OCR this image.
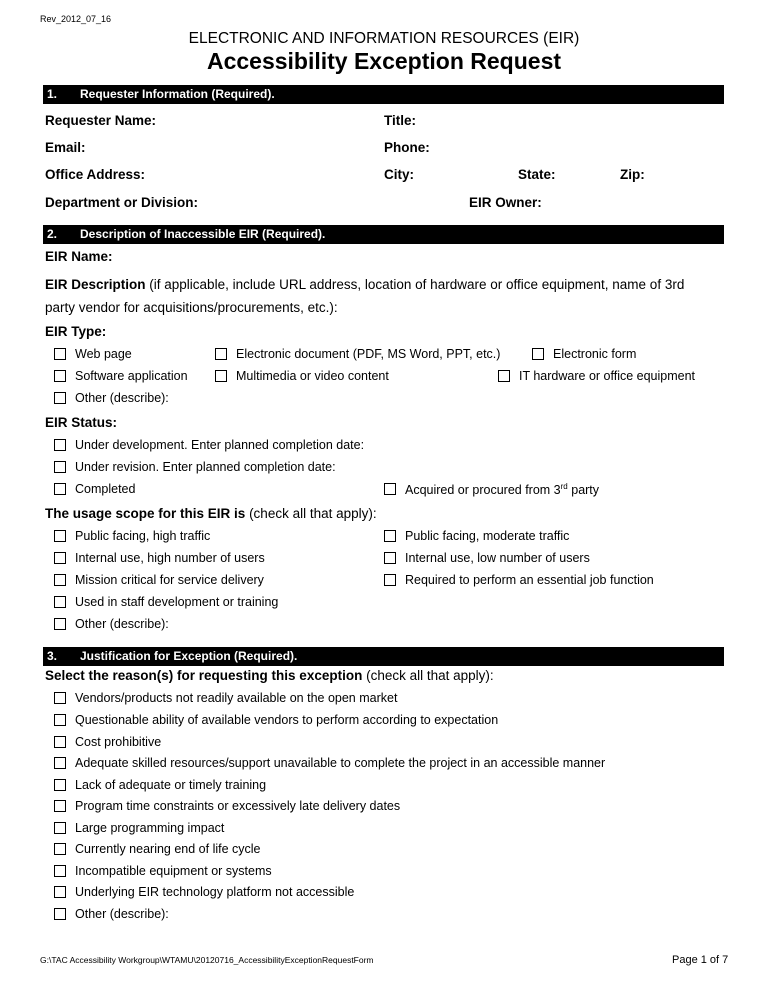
Rev_2012_07_16
ELECTRONIC AND INFORMATION RESOURCES (EIR)
Accessibility Exception Request
1. Requester Information (Required).
Requester Name:	Title:
Email:	Phone:
Office Address:	City:	State:	Zip:
Department or Division:	EIR Owner:
2. Description of Inaccessible EIR (Required).
EIR Name:
EIR Description (if applicable, include URL address, location of hardware or office equipment, name of 3rd
party vendor for acquisitions/procurements, etc.):
EIR Type:
Web page	Electronic document (PDF, MS Word, PPT, etc.)	Electronic form
Software application	Multimedia or video content	IT hardware or office equipment
Other (describe):
EIR Status:
Under development. Enter planned completion date:
Under revision. Enter planned completion date:
Completed	Acquired or procured from 3rd party
The usage scope for this EIR is (check all that apply):
Public facing, high traffic	Public facing, moderate traffic
Internal use, high number of users	Internal use, low number of users
Mission critical for service delivery	Required to perform an essential job function
Used in staff development or training
Other (describe):
3. Justification for Exception (Required).
Select the reason(s) for requesting this exception (check all that apply):
Vendors/products not readily available on the open market
Questionable ability of available vendors to perform according to expectation
Cost prohibitive
Adequate skilled resources/support unavailable to complete the project in an accessible manner
Lack of adequate or timely training
Program time constraints or excessively late delivery dates
Large programming impact
Currently nearing end of life cycle
Incompatible equipment or systems
Underlying EIR technology platform not accessible
Other (describe):
G:\TAC Accessibility Workgroup\WTAMU\20120716_AccessibilityExceptionRequestForm	Page 1 of 7
